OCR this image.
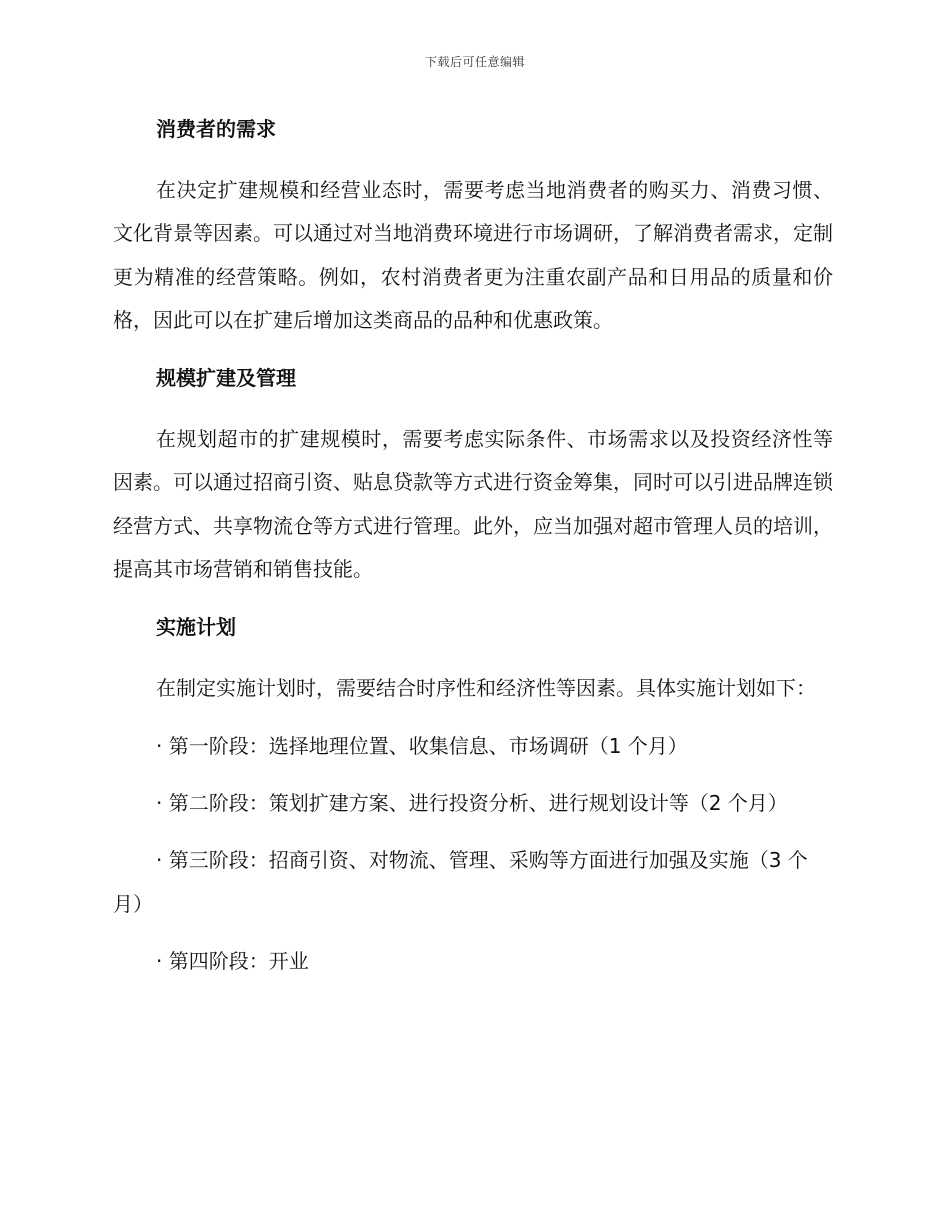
下载后可任意编辑
消费者的需求

在决定扩建规模和经营业态时，需要考虑当地消费者的购买力、消费习惯、文化背景等因素。可以通过对当地消费环境进行市场调研，了解消费者需求，定制更为精准的经营策略。例如，农村消费者更为注重农副产品和日用品的质量和价格，因此可以在扩建后增加这类商品的品种和优惠政策。

规模扩建及管理

在规划超市的扩建规模时，需要考虑实际条件、市场需求以及投资经济性等因素。可以通过招商引资、贴息贷款等方式进行资金筹集，同时可以引进品牌连锁经营方式、共享物流仓等方式进行管理。此外，应当加强对超市管理人员的培训，提高其市场营销和销售技能。

实施计划

在制定实施计划时，需要结合时序性和经济性等因素。具体实施计划如下：

· 第一阶段：选择地理位置、收集信息、市场调研（1 个月）

· 第二阶段：策划扩建方案、进行投资分析、进行规划设计等（2 个月）

· 第三阶段：招商引资、对物流、管理、采购等方面进行加强及实施（3 个月）

· 第四阶段：开业
